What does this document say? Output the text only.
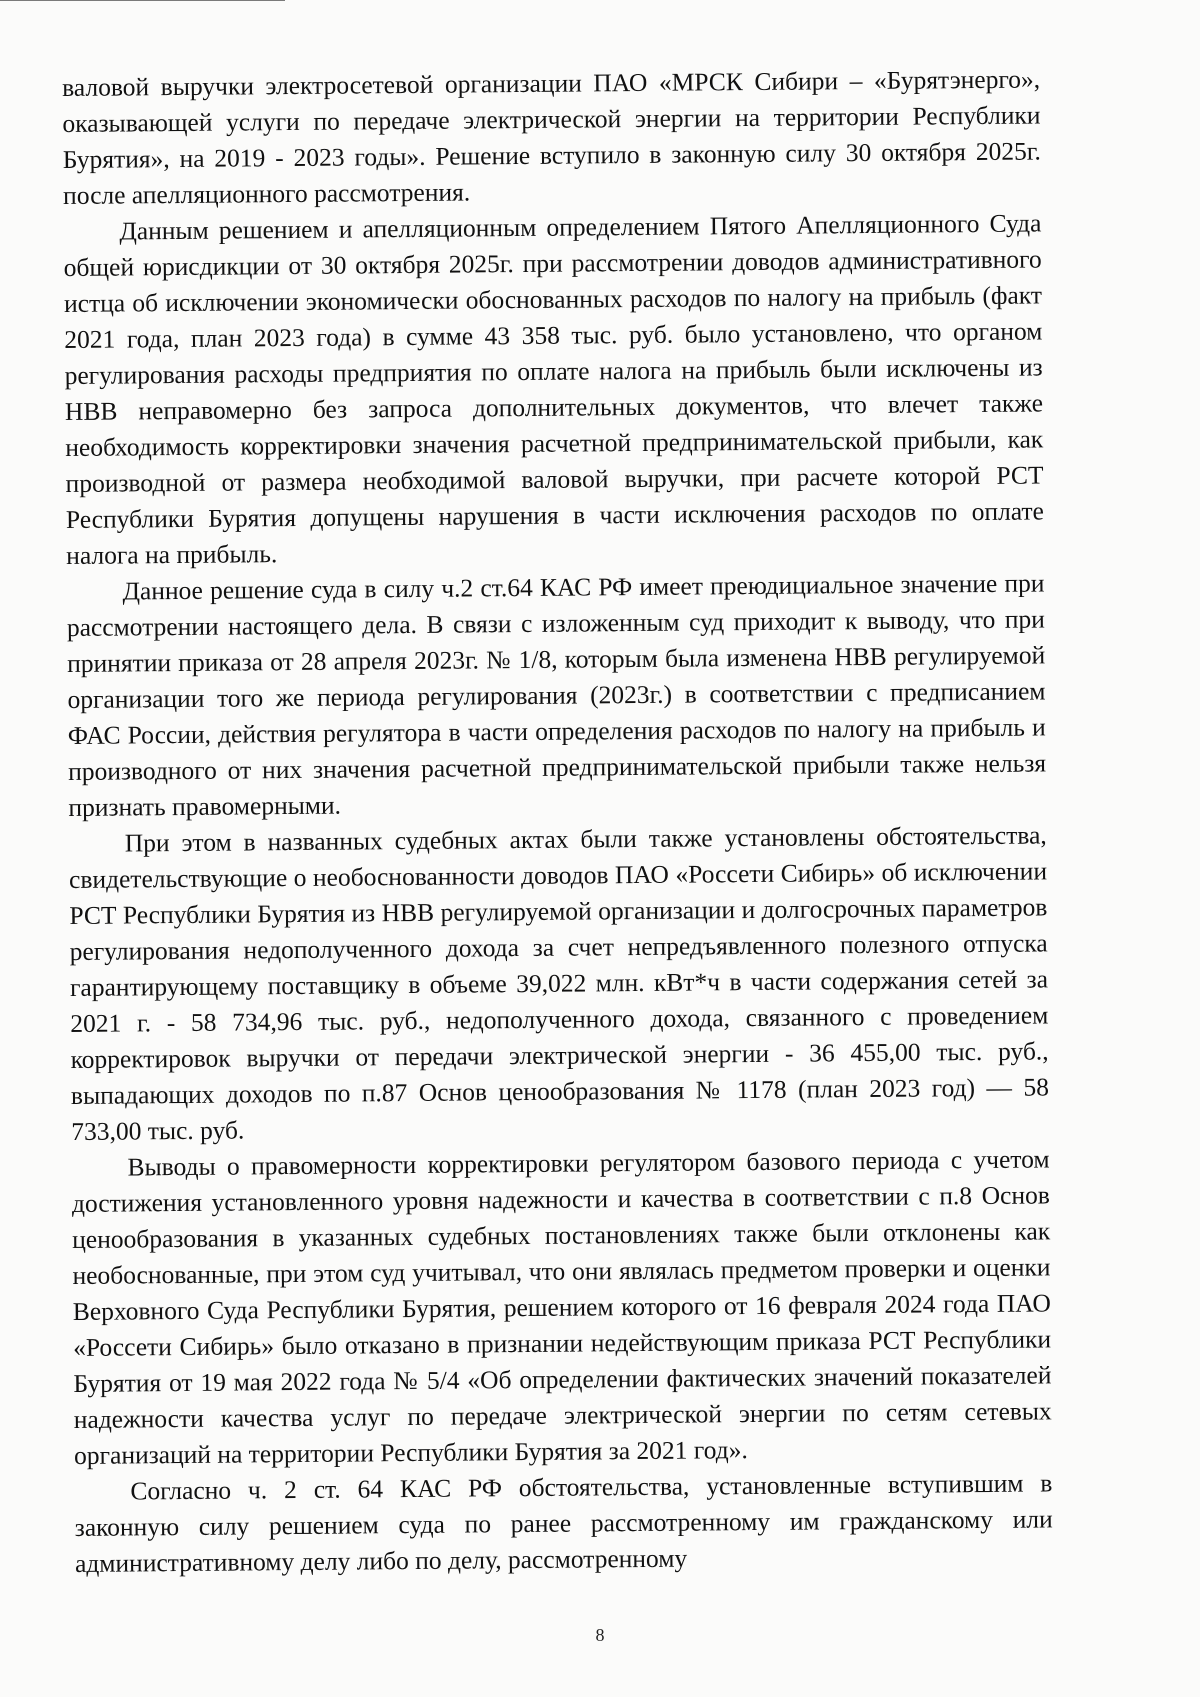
валовой выручки электросетевой организации ПАО «МРСК Сибири – «Бурятэнерго», оказывающей услуги по передаче электрической энергии на территории Республики Бурятия», на 2019 - 2023 годы». Решение вступило в законную силу 30 октября 2025г. после апелляционного рассмотрения.

Данным решением и апелляционным определением Пятого Апелляционного Суда общей юрисдикции от 30 октября 2025г. при рассмотрении доводов административного истца об исключении экономически обоснованных расходов по налогу на прибыль (факт 2021 года, план 2023 года) в сумме 43 358 тыс. руб. было установлено, что органом регулирования расходы предприятия по оплате налога на прибыль были исключены из НВВ неправомерно без запроса дополнительных документов, что влечет также необходимость корректировки значения расчетной предпринимательской прибыли, как производной от размера необходимой валовой выручки, при расчете которой РСТ Республики Бурятия допущены нарушения в части исключения расходов по оплате налога на прибыль.

Данное решение суда в силу ч.2 ст.64 КАС РФ имеет преюдициальное значение при рассмотрении настоящего дела. В связи с изложенным суд приходит к выводу, что при принятии приказа от 28 апреля 2023г. № 1/8, которым была изменена НВВ регулируемой организации того же периода регулирования (2023г.) в соответствии с предписанием ФАС России, действия регулятора в части определения расходов по налогу на прибыль и производного от них значения расчетной предпринимательской прибыли также нельзя признать правомерными.

При этом в названных судебных актах были также установлены обстоятельства, свидетельствующие о необоснованности доводов ПАО «Россети Сибирь» об исключении РСТ Республики Бурятия из НВВ регулируемой организации и долгосрочных параметров регулирования недополученного дохода за счет непредъявленного полезного отпуска гарантирующему поставщику в объеме 39,022 млн. кВт*ч в части содержания сетей за 2021 г. - 58 734,96 тыс. руб., недополученного дохода, связанного с проведением корректировок выручки от передачи электрической энергии - 36 455,00 тыс. руб., выпадающих доходов по п.87 Основ ценообразования № 1178 (план 2023 год) — 58 733,00 тыс. руб.

Выводы о правомерности корректировки регулятором базового периода с учетом достижения установленного уровня надежности и качества в соответствии с п.8 Основ ценообразования в указанных судебных постановлениях также были отклонены как необоснованные, при этом суд учитывал, что они являлась предметом проверки и оценки Верховного Суда Республики Бурятия, решением которого от 16 февраля 2024 года ПАО «Россети Сибирь» было отказано в признании недействующим приказа РСТ Республики Бурятия от 19 мая 2022 года № 5/4 «Об определении фактических значений показателей надежности качества услуг по передаче электрической энергии по сетям сетевых организаций на территории Республики Бурятия за 2021 год».

Согласно ч. 2 ст. 64 КАС РФ обстоятельства, установленные вступившим в законную силу решением суда по ранее рассмотренному им гражданскому или административному делу либо по делу, рассмотренному

8
